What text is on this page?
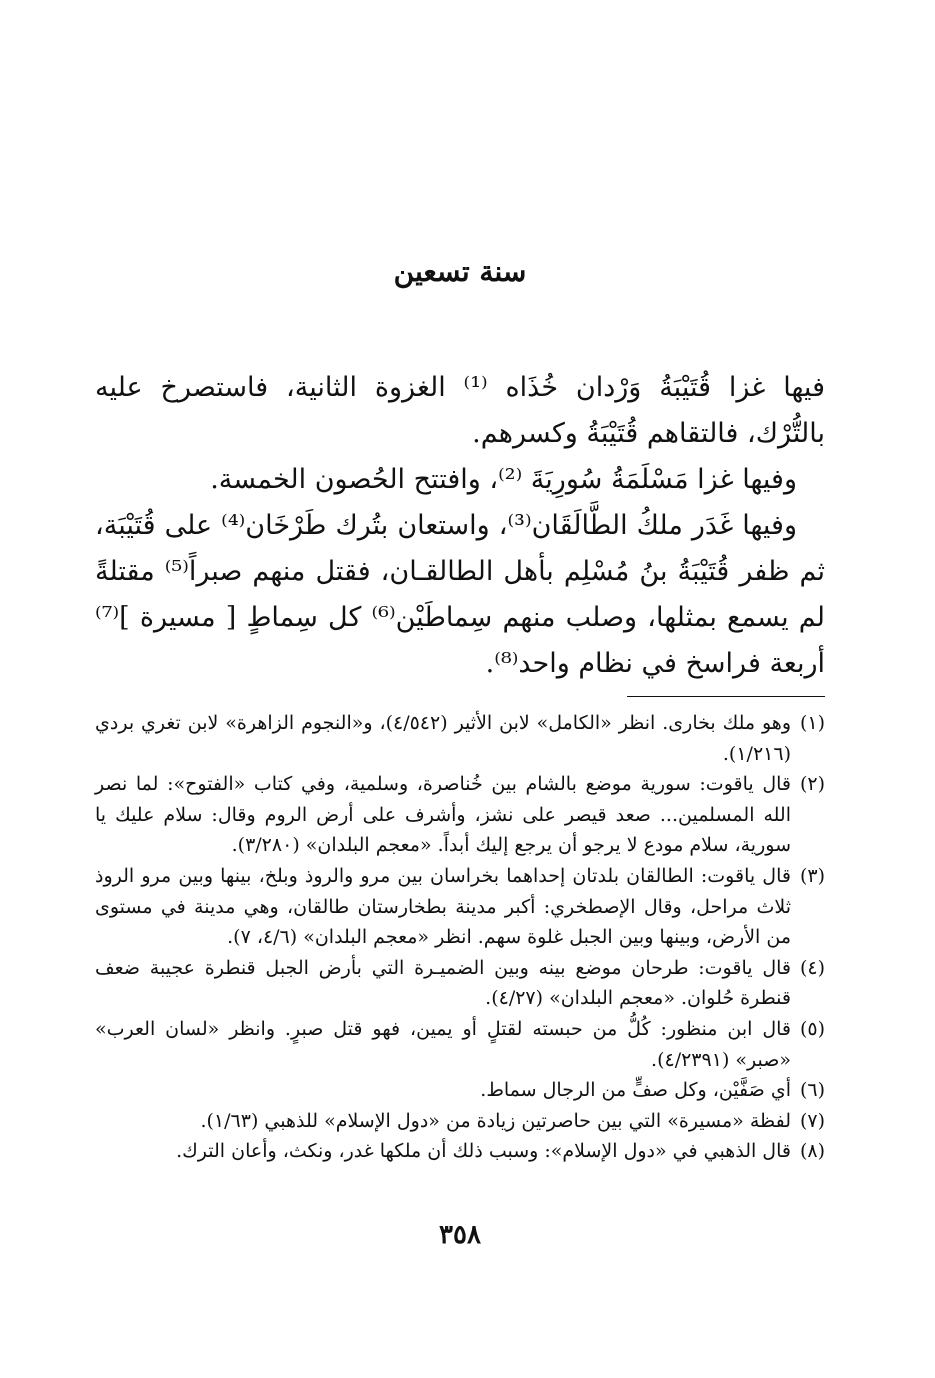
سنة تسعين

فيها غزا قُتَيْبَةُ وَرْدان خُذَاه ⁽¹⁾ الغزوة الثانية، فاستصرخ عليه بالتُّرْك، فالتقاهم قُتَيْبَةُ وكسرهم.

وفيها غزا مَسْلَمَةُ سُورِيَةَ ⁽²⁾، وافتتح الحُصون الخمسة.

وفيها غَدَر ملكُ الطَّالَقَان⁽³⁾، واستعان بتُرك طَرْخَان⁽⁴⁾ على قُتَيْبَة، ثم ظفر قُتَيْبَةُ بنُ مُسْلِم بأهل الطالقـان، فقتل منهم صبراً⁽⁵⁾ مقتلةً لم يسمع بمثلها، وصلب منهم سِماطَيْن⁽⁶⁾ كل سِماطٍ [ مسيرة ]⁽⁷⁾ أربعة فراسخ في نظام واحد⁽⁸⁾.

(١)وهو ملك بخارى. انظر «الكامل» لابن الأثير (٤/٥٤٢)، و«النجوم الزاهرة» لابن تغري بردي (١/٢١٦).

(٢)قال ياقوت: سورية موضع بالشام بين خُناصرة، وسلمية، وفي كتاب «الفتوح»: لما نصر الله المسلمين... صعد قيصر على نشز، وأشرف على أرض الروم وقال: سلام عليك يا سورية، سلام مودع لا يرجو أن يرجع إليك أبداً. «معجم البلدان» (٣/٢٨٠).

(٣)قال ياقوت: الطالقان بلدتان إحداهما بخراسان بين مرو والروذ وبلخ، بينها وبين مرو الروذ ثلاث مراحل، وقال الإصطخري: أكبر مدينة بطخارستان طالقان، وهي مدينة في مستوى من الأرض، وبينها وبين الجبل غلوة سهم. انظر «معجم البلدان» (٤/٦، ٧).

(٤)قال ياقوت: طرحان موضع بينه وبين الضميـرة التي بأرض الجبل قنطرة عجيبة ضعف قنطرة حُلوان. «معجم البلدان» (٤/٢٧).

(٥)قال ابن منظور: كُلُّ من حبسته لقتلٍ أو يمين، فهو قتل صبرٍ. وانظر «لسان العرب» «صبر» (٤/٢٣٩١).

(٦)أي صَفَّيْن، وكل صفٍّ من الرجال سماط.

(٧)لفظة «مسيرة» التي بين حاصرتين زيادة من «دول الإسلام» للذهبي (١/٦٣).

(٨)قال الذهبي في «دول الإسلام»: وسبب ذلك أن ملكها غدر، ونكث، وأعان الترك.

٣٥٨
